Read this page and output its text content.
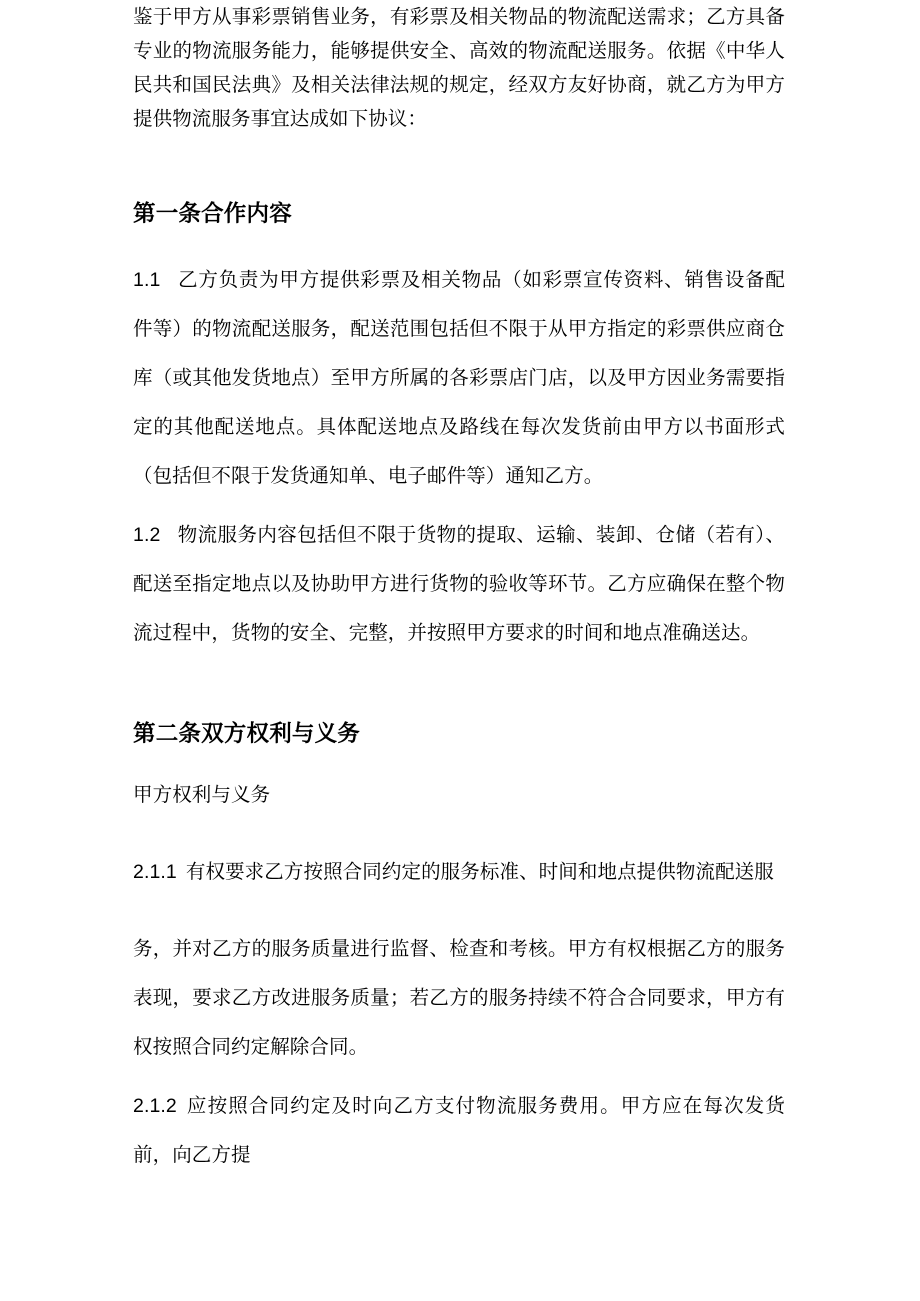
鉴于甲方从事彩票销售业务，有彩票及相关物品的物流配送需求；乙方具备专业的物流服务能力，能够提供安全、高效的物流配送服务。依据《中华人民共和国民法典》及相关法律法规的规定，经双方友好协商，就乙方为甲方提供物流服务事宜达成如下协议：

第一条合作内容

1.1 乙方负责为甲方提供彩票及相关物品（如彩票宣传资料、销售设备配件等）的物流配送服务，配送范围包括但不限于从甲方指定的彩票供应商仓库（或其他发货地点）至甲方所属的各彩票店门店，以及甲方因业务需要指定的其他配送地点。具体配送地点及路线在每次发货前由甲方以书面形式（包括但不限于发货通知单、电子邮件等）通知乙方。

1.2 物流服务内容包括但不限于货物的提取、运输、装卸、仓储（若有）、配送至指定地点以及协助甲方进行货物的验收等环节。乙方应确保在整个物流过程中，货物的安全、完整，并按照甲方要求的时间和地点准确送达。

第二条双方权利与义务

甲方权利与义务

2.1.1 有权要求乙方按照合同约定的服务标准、时间和地点提供物流配送服

务，并对乙方的服务质量进行监督、检查和考核。甲方有权根据乙方的服务表现，要求乙方改进服务质量；若乙方的服务持续不符合合同要求，甲方有权按照合同约定解除合同。

2.1.2 应按照合同约定及时向乙方支付物流服务费用。甲方应在每次发货前，向乙方提
